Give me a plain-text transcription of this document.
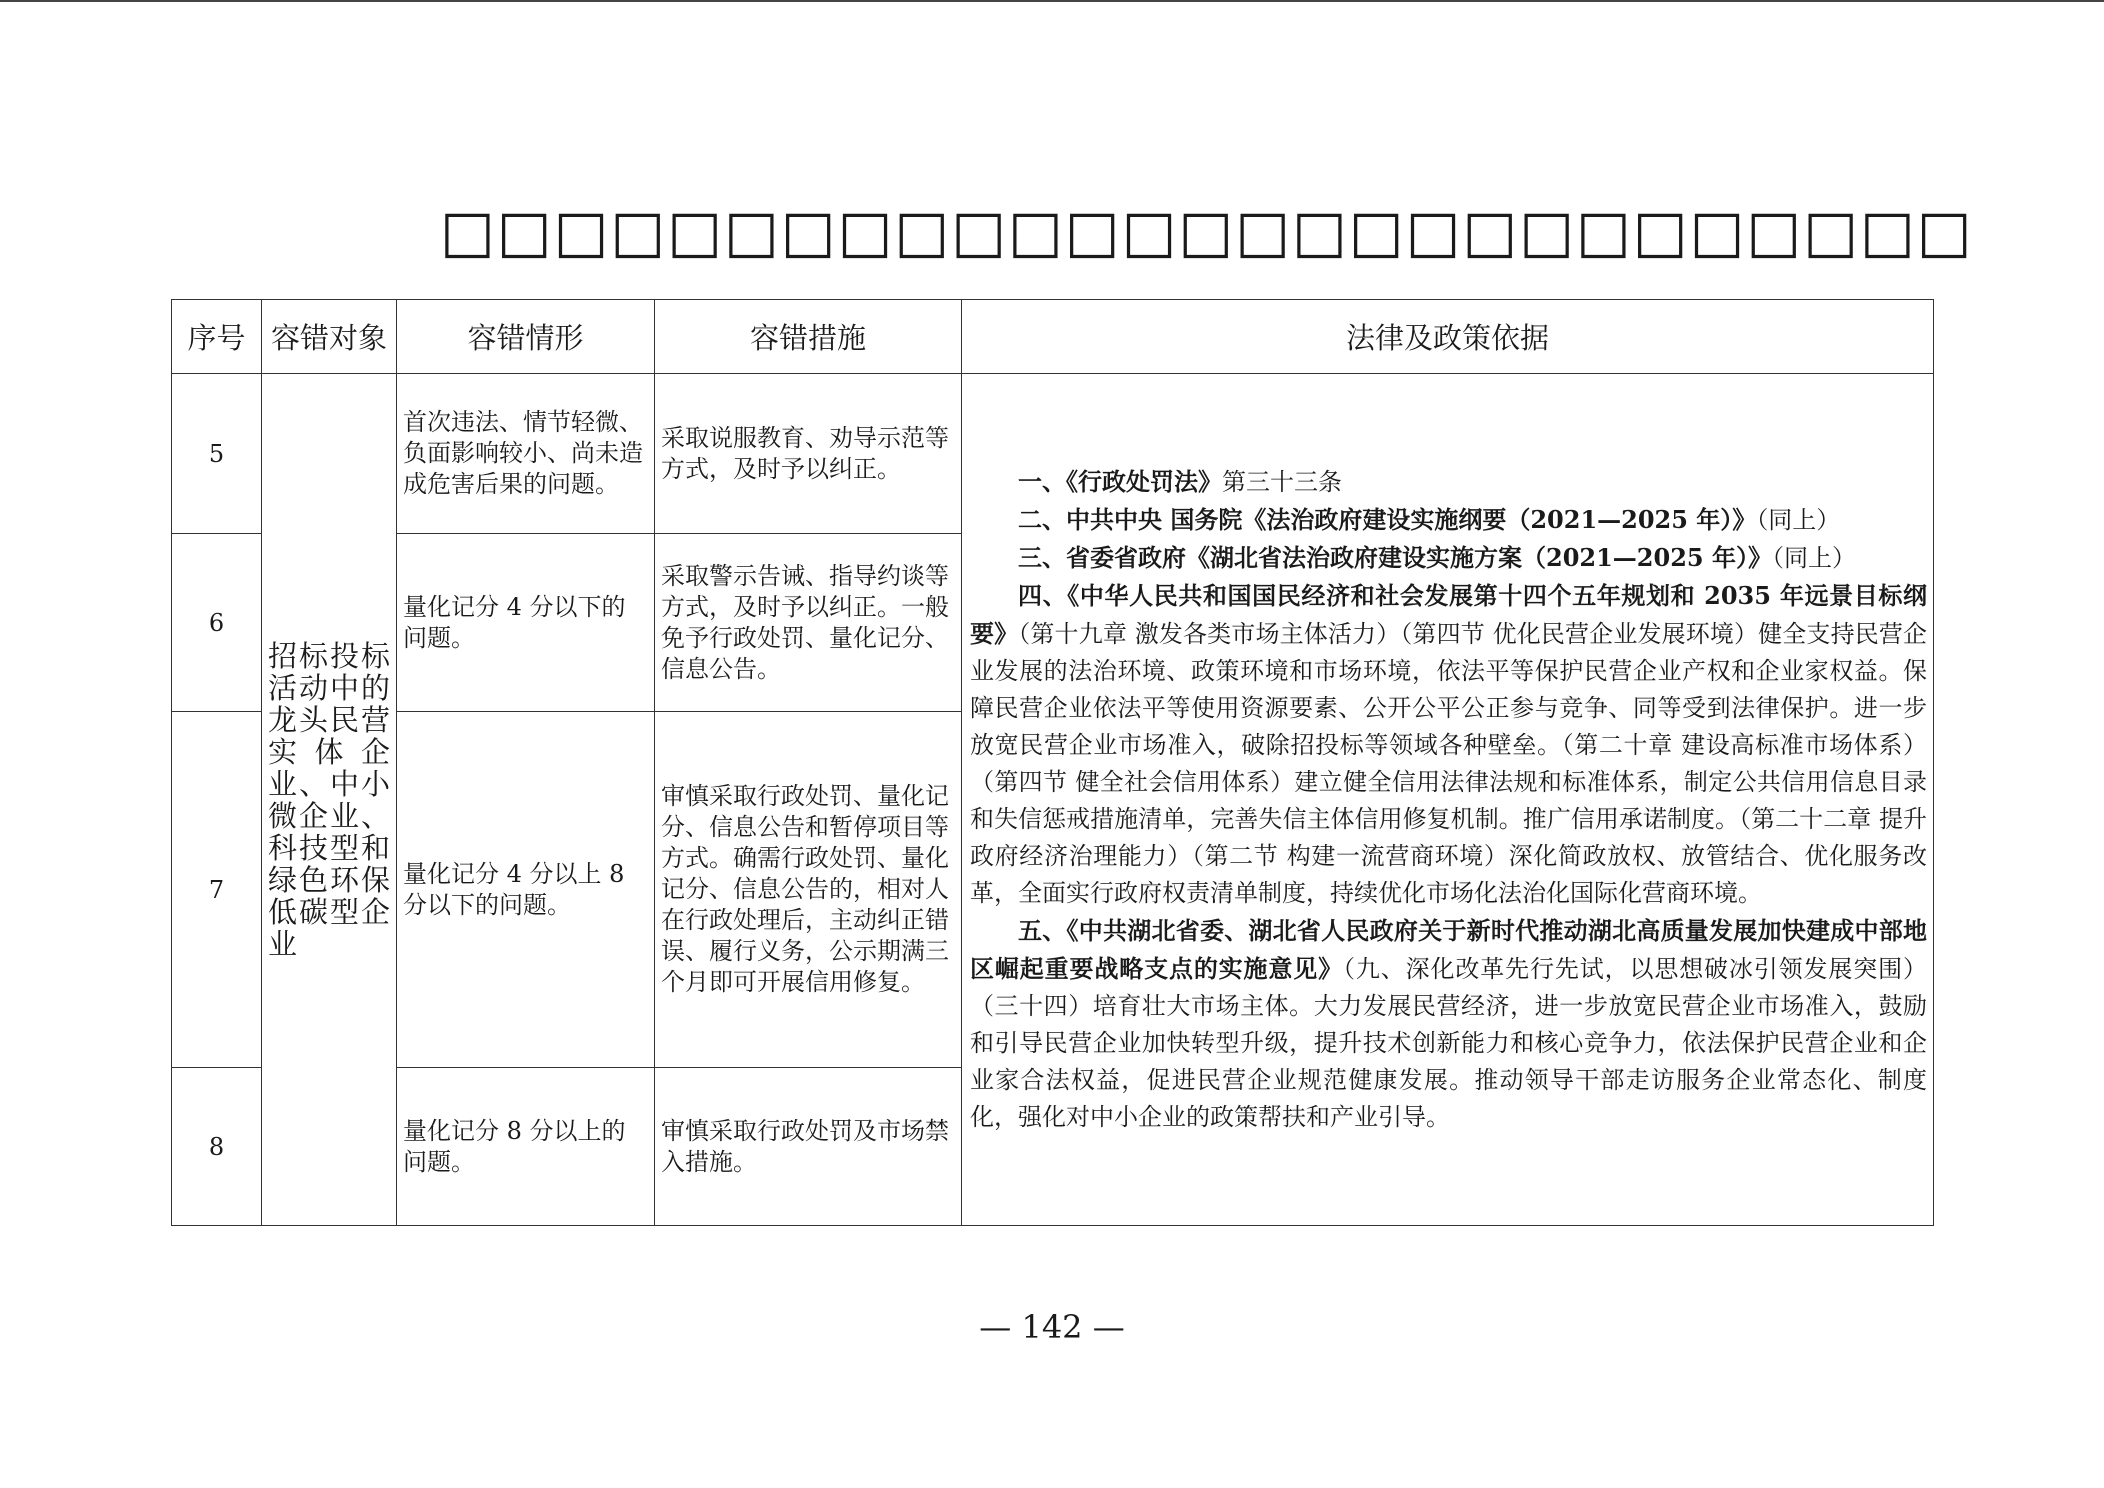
□□□□□□□□□□□□□□□□□□□□□□□□□□□
序号	容错对象	容错情形	容错措施	法律及政策依据
5	招标投标活动中的龙头民营实体企业、中小微企业、科技型和绿色环保低碳型企业	首次违法、情节轻微、负面影响较小、尚未造成危害后果的问题。	采取说服教育、劝导示范等方式，及时予以纠正。	一、《行政处罚法》第三十三条

二、中共中央 国务院《法治政府建设实施纲要（2021—2025 年）》（同上）

三、省委省政府《湖北省法治政府建设实施方案（2021—2025 年）》（同上）

四、《中华人民共和国国民经济和社会发展第十四个五年规划和 2035 年远景目标纲要》（第十九章 激发各类市场主体活力）（第四节 优化民营企业发展环境）健全支持民营企业发展的法治环境、政策环境和市场环境，依法平等保护民营企业产权和企业家权益。保障民营企业依法平等使用资源要素、公开公平公正参与竞争、同等受到法律保护。进一步放宽民营企业市场准入，破除招投标等领域各种壁垒。（第二十章 建设高标准市场体系）（第四节 健全社会信用体系）建立健全信用法律法规和标准体系，制定公共信用信息目录和失信惩戒措施清单，完善失信主体信用修复机制。推广信用承诺制度。（第二十二章 提升政府经济治理能力）（第二节 构建一流营商环境）深化简政放权、放管结合、优化服务改革，全面实行政府权责清单制度，持续优化市场化法治化国际化营商环境。

五、《中共湖北省委、湖北省人民政府关于新时代推动湖北高质量发展加快建成中部地区崛起重要战略支点的实施意见》（九、深化改革先行先试，以思想破冰引领发展突围）（三十四）培育壮大市场主体。大力发展民营经济，进一步放宽民营企业市场准入，鼓励和引导民营企业加快转型升级，提升技术创新能力和核心竞争力，依法保护民营企业和企业家合法权益，促进民营企业规范健康发展。推动领导干部走访服务企业常态化、制度化，强化对中小企业的政策帮扶和产业引导。

6		量化记分 4 分以下的问题。	采取警示告诫、指导约谈等方式，及时予以纠正。一般免予行政处罚、量化记分、信息公告。	
7		量化记分 4 分以上 8 分以下的问题。	审慎采取行政处罚、量化记分、信息公告和暂停项目等方式。确需行政处罚、量化记分、信息公告的，相对人在行政处理后，主动纠正错误、履行义务，公示期满三个月即可开展信用修复。	
8		量化记分 8 分以上的问题。	审慎采取行政处罚及市场禁入措施。	
— 142 —
